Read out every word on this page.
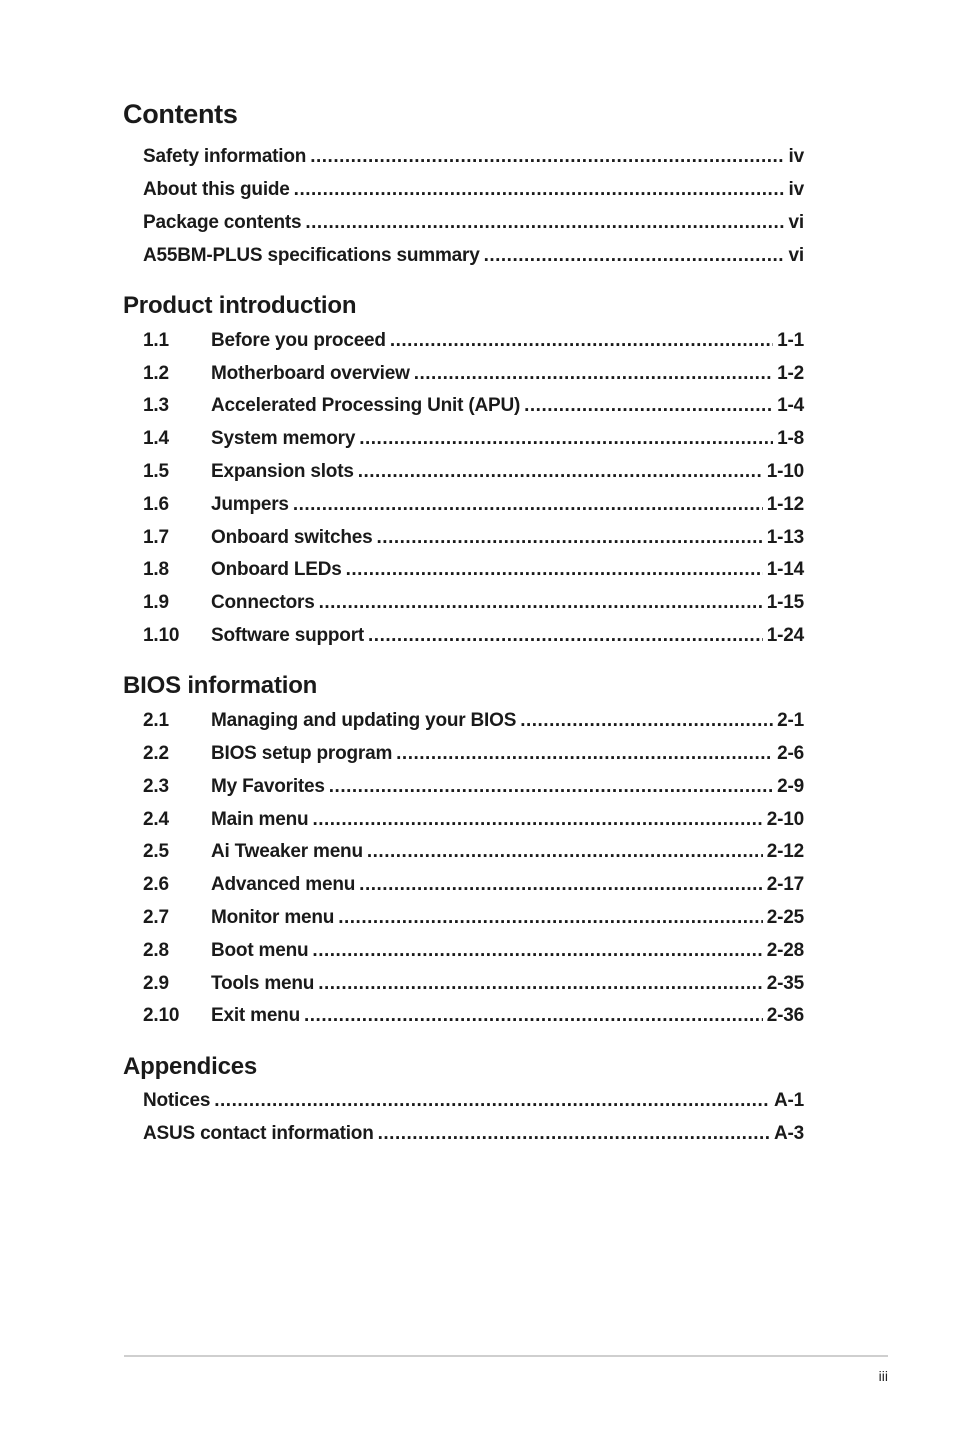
Contents
Safety information .....	iv
About this guide .....	iv
Package contents .....	vi
A55BM-PLUS specifications summary .....	vi
Product introduction
1.1	Before you proceed .....	1-1
1.2	Motherboard overview .....	1-2
1.3	Accelerated Processing Unit (APU) .....	1-4
1.4	System memory .....	1-8
1.5	Expansion slots .....	1-10
1.6	Jumpers .....	1-12
1.7	Onboard switches .....	1-13
1.8	Onboard LEDs .....	1-14
1.9	Connectors .....	1-15
1.10	Software support .....	1-24
BIOS information
2.1	Managing and updating your BIOS .....	2-1
2.2	BIOS setup program .....	2-6
2.3	My Favorites .....	2-9
2.4	Main menu .....	2-10
2.5	Ai Tweaker menu .....	2-12
2.6	Advanced menu .....	2-17
2.7	Monitor menu .....	2-25
2.8	Boot menu .....	2-28
2.9	Tools menu .....	2-35
2.10	Exit menu .....	2-36
Appendices
Notices .....	A-1
ASUS contact information .....	A-3
iii
